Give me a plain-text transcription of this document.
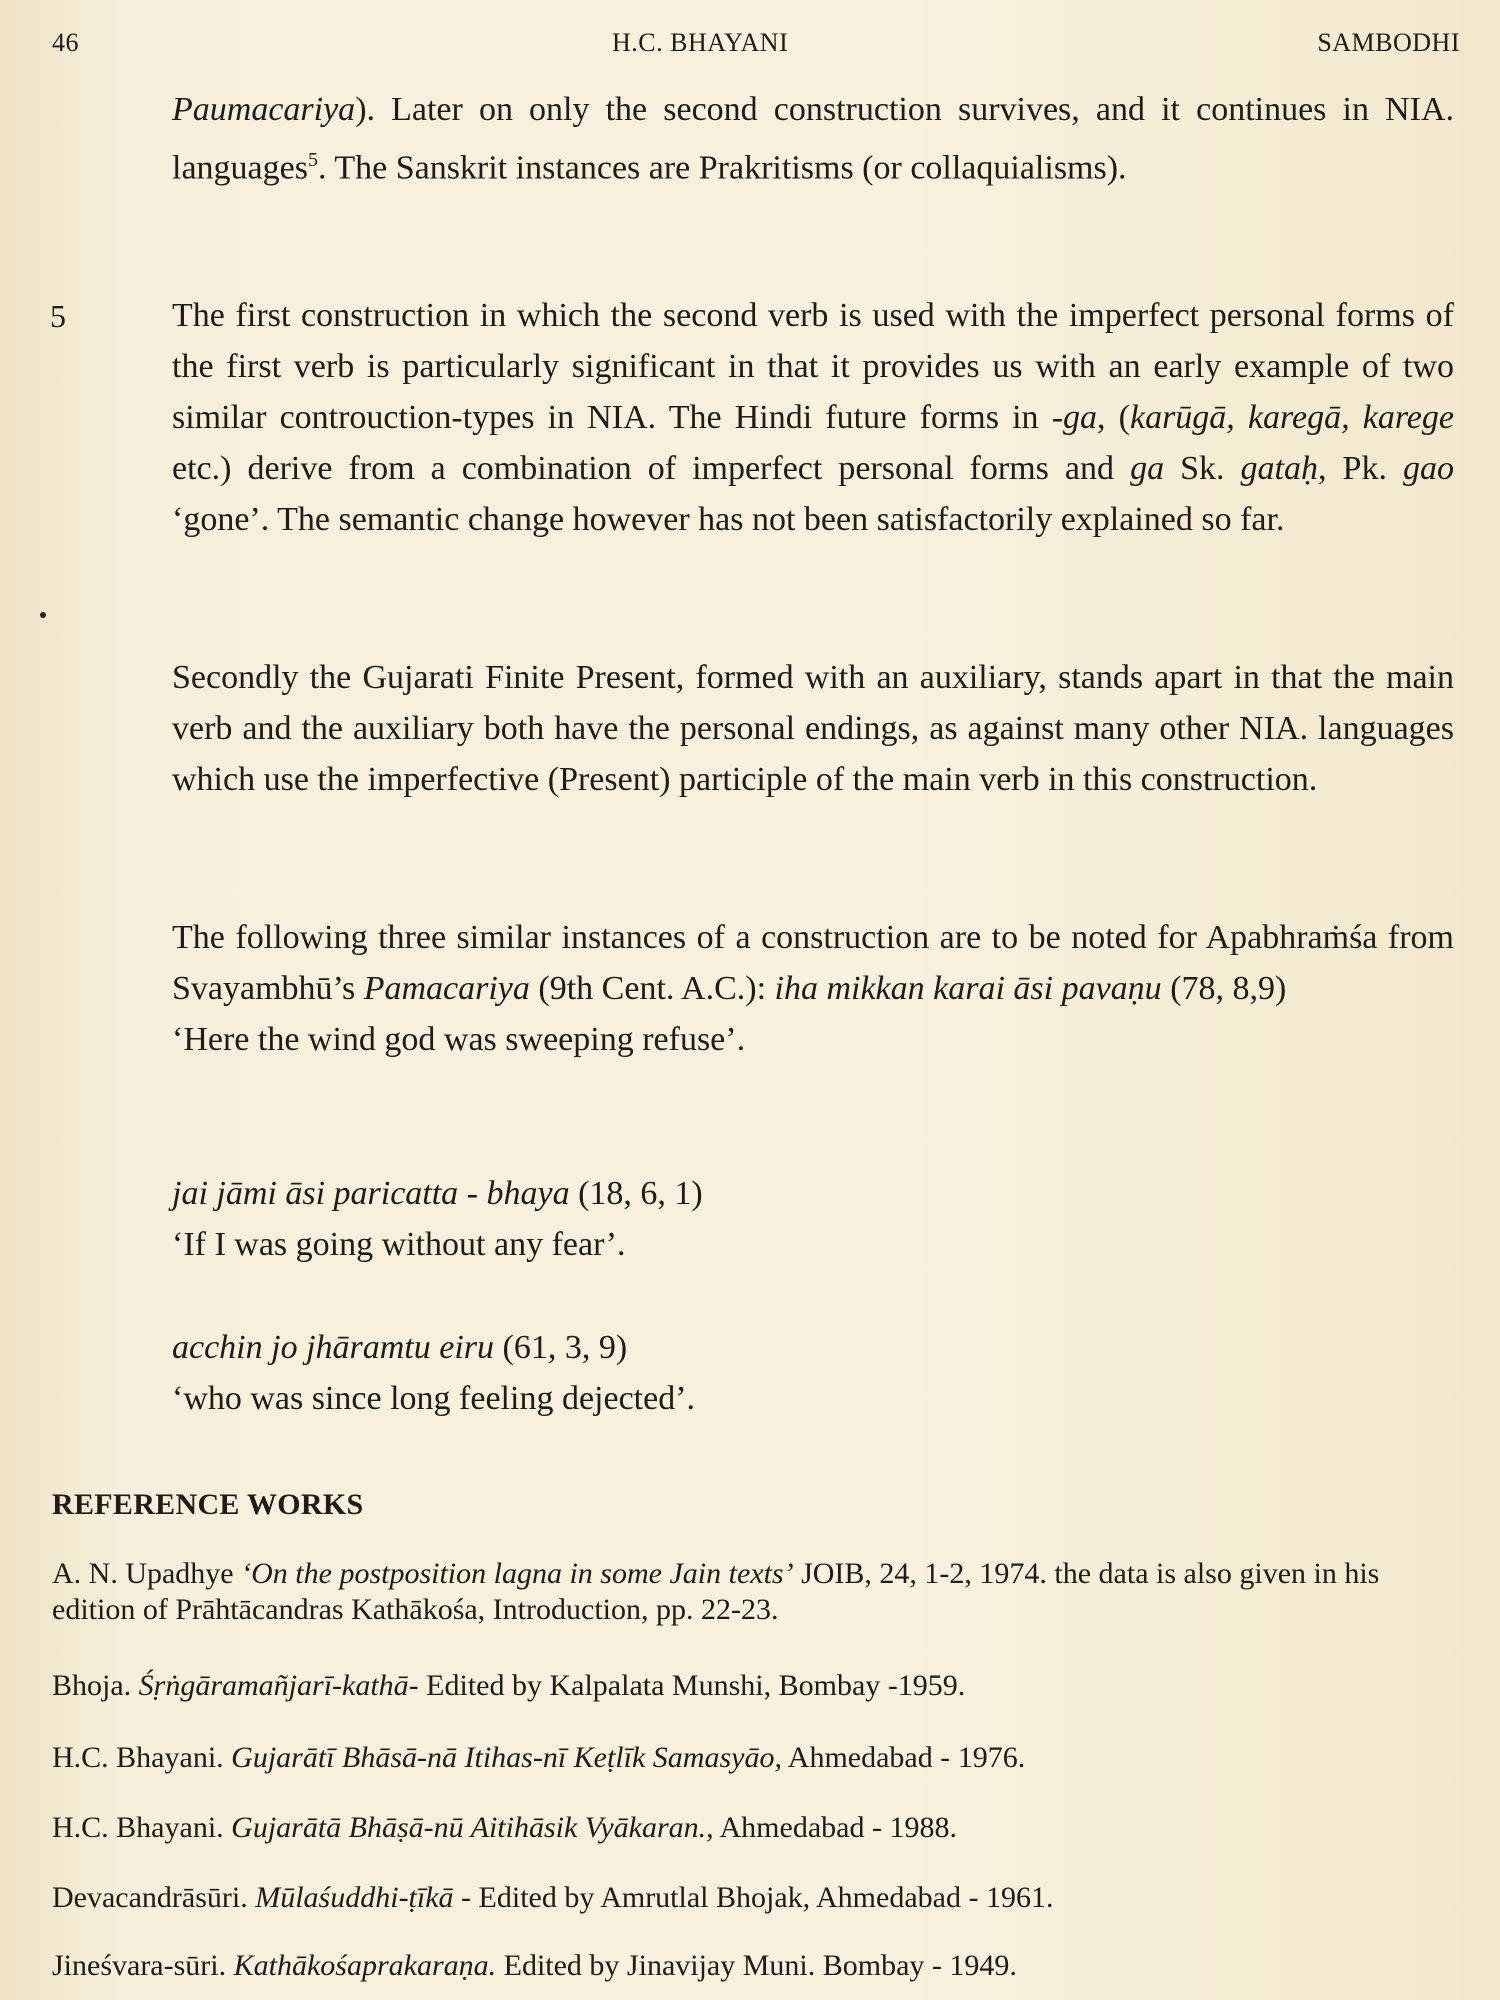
46	H.C. BHAYANI	SAMBODHI

Paumacariya). Later on only the second construction survives, and it continues in NIA. languages$^5$. The Sanskrit instances are Prakritisms (or collaquialisms).

5	The first construction in which the second verb is used with the imperfect personal forms of the first verb is particularly significant in that it provides us with an early example of two similar controuction-types in NIA. The Hindi future forms in -ga, (karūgā, karegā, karege etc.) derive from a combination of imperfect personal forms and ga Sk. gataḥ, Pk. gao ‘gone’. The semantic change however has not been satisfactorily explained so far.

Secondly the Gujarati Finite Present, formed with an auxiliary, stands apart in that the main verb and the auxiliary both have the personal endings, as against many other NIA. languages which use the imperfective (Present) participle of the main verb in this construction.

The following three similar instances of a construction are to be noted for Apabhraṁśa from Svayambhū’s Pamacariya (9th Cent. A.C.): iha mikkan karai āsi pavaṇu (78, 8,9)

‘Here the wind god was sweeping refuse’.
jai jāmi āsi paricatta - bhaya (18, 6, 1)
‘If I was going without any fear’.
acchin jo jhāramtu eiru (61, 3, 9)
‘who was since long feeling dejected’.
REFERENCE WORKS
A. N. Upadhye ‘On the postposition lagna in some Jain texts’ JOIB, 24, 1-2, 1974. the data is also given in his edition of Prāhtācandras Kathākośa, Introduction, pp. 22-23.
Bhoja. Śṛṅgāramañjarī-kathā- Edited by Kalpalata Munshi, Bombay -1959.
H.C. Bhayani. Gujarātī Bhāsā-nā Itihas-nī Keṭlīk Samasyāo, Ahmedabad - 1976.
H.C. Bhayani. Gujarātā Bhāṣā-nū Aitihāsik Vyākaran., Ahmedabad - 1988.
Devacandrāsūri. Mūlaśuddhi-ṭīkā - Edited by Amrutlal Bhojak, Ahmedabad - 1961.
Jineśvara-sūri. Kathākośaprakaraṇa. Edited by Jinavijay Muni. Bombay - 1949.
